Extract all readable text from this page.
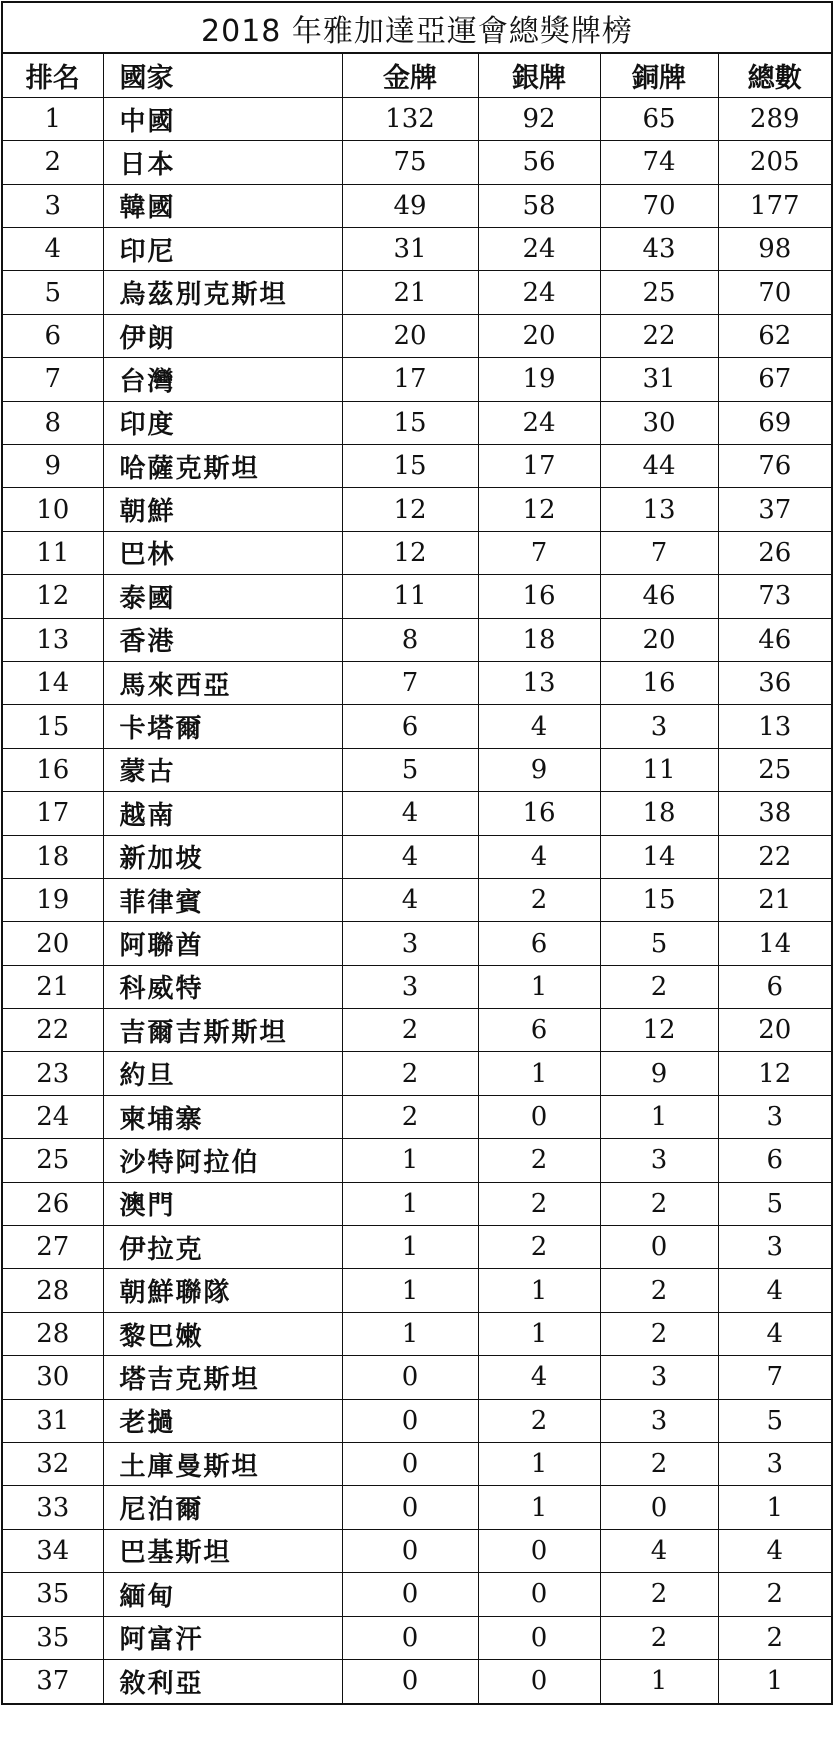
2018 年雅加達亞運會總獎牌榜
排名	國家	金牌	銀牌	銅牌	總數
1	中國	132	92	65	289
2	日本	75	56	74	205
3	韓國	49	58	70	177
4	印尼	31	24	43	98
5	烏茲別克斯坦	21	24	25	70
6	伊朗	20	20	22	62
7	台灣	17	19	31	67
8	印度	15	24	30	69
9	哈薩克斯坦	15	17	44	76
10	朝鮮	12	12	13	37
11	巴林	12	7	7	26
12	泰國	11	16	46	73
13	香港	8	18	20	46
14	馬來西亞	7	13	16	36
15	卡塔爾	6	4	3	13
16	蒙古	5	9	11	25
17	越南	4	16	18	38
18	新加坡	4	4	14	22
19	菲律賓	4	2	15	21
20	阿聯酋	3	6	5	14
21	科威特	3	1	2	6
22	吉爾吉斯斯坦	2	6	12	20
23	約旦	2	1	9	12
24	柬埔寨	2	0	1	3
25	沙特阿拉伯	1	2	3	6
26	澳門	1	2	2	5
27	伊拉克	1	2	0	3
28	朝鮮聯隊	1	1	2	4
28	黎巴嫩	1	1	2	4
30	塔吉克斯坦	0	4	3	7
31	老撾	0	2	3	5
32	土庫曼斯坦	0	1	2	3
33	尼泊爾	0	1	0	1
34	巴基斯坦	0	0	4	4
35	緬甸	0	0	2	2
35	阿富汗	0	0	2	2
37	敘利亞	0	0	1	1
